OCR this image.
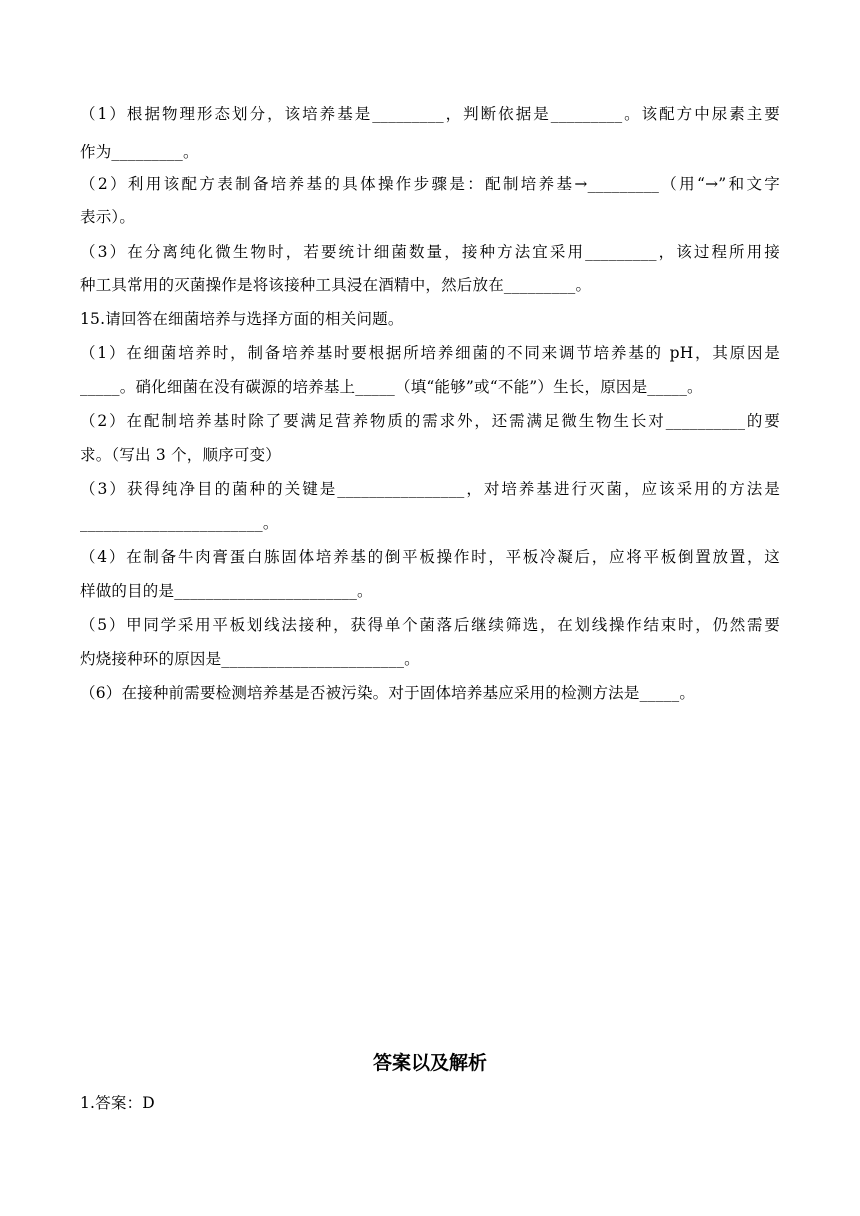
（1）根据物理形态划分，该培养基是_________，判断依据是_________。该配方中尿素主要
作为_________。
（2）利用该配方表制备培养基的具体操作步骤是：配制培养基→_________（用“→”和文字
表示）。
（3）在分离纯化微生物时，若要统计细菌数量，接种方法宜采用_________，该过程所用接
种工具常用的灭菌操作是将该接种工具浸在酒精中，然后放在_________。
15.请回答在细菌培养与选择方面的相关问题。
（1）在细菌培养时，制备培养基时要根据所培养细菌的不同来调节培养基的 pH，其原因是
_____。硝化细菌在没有碳源的培养基上_____（填“能够”或“不能”）生长，原因是_____。
（2）在配制培养基时除了要满足营养物质的需求外，还需满足微生物生长对__________的要
求。（写出 3 个，顺序可变）
（3）获得纯净目的菌种的关键是________________，对培养基进行灭菌，应该采用的方法是
_______________________。
（4）在制备牛肉膏蛋白胨固体培养基的倒平板操作时，平板冷凝后，应将平板倒置放置，这
样做的目的是_______________________。
（5）甲同学采用平板划线法接种，获得单个菌落后继续筛选，在划线操作结束时，仍然需要
灼烧接种环的原因是_______________________。
（6）在接种前需要检测培养基是否被污染。对于固体培养基应采用的检测方法是_____。
答案以及解析
1.答案：D
